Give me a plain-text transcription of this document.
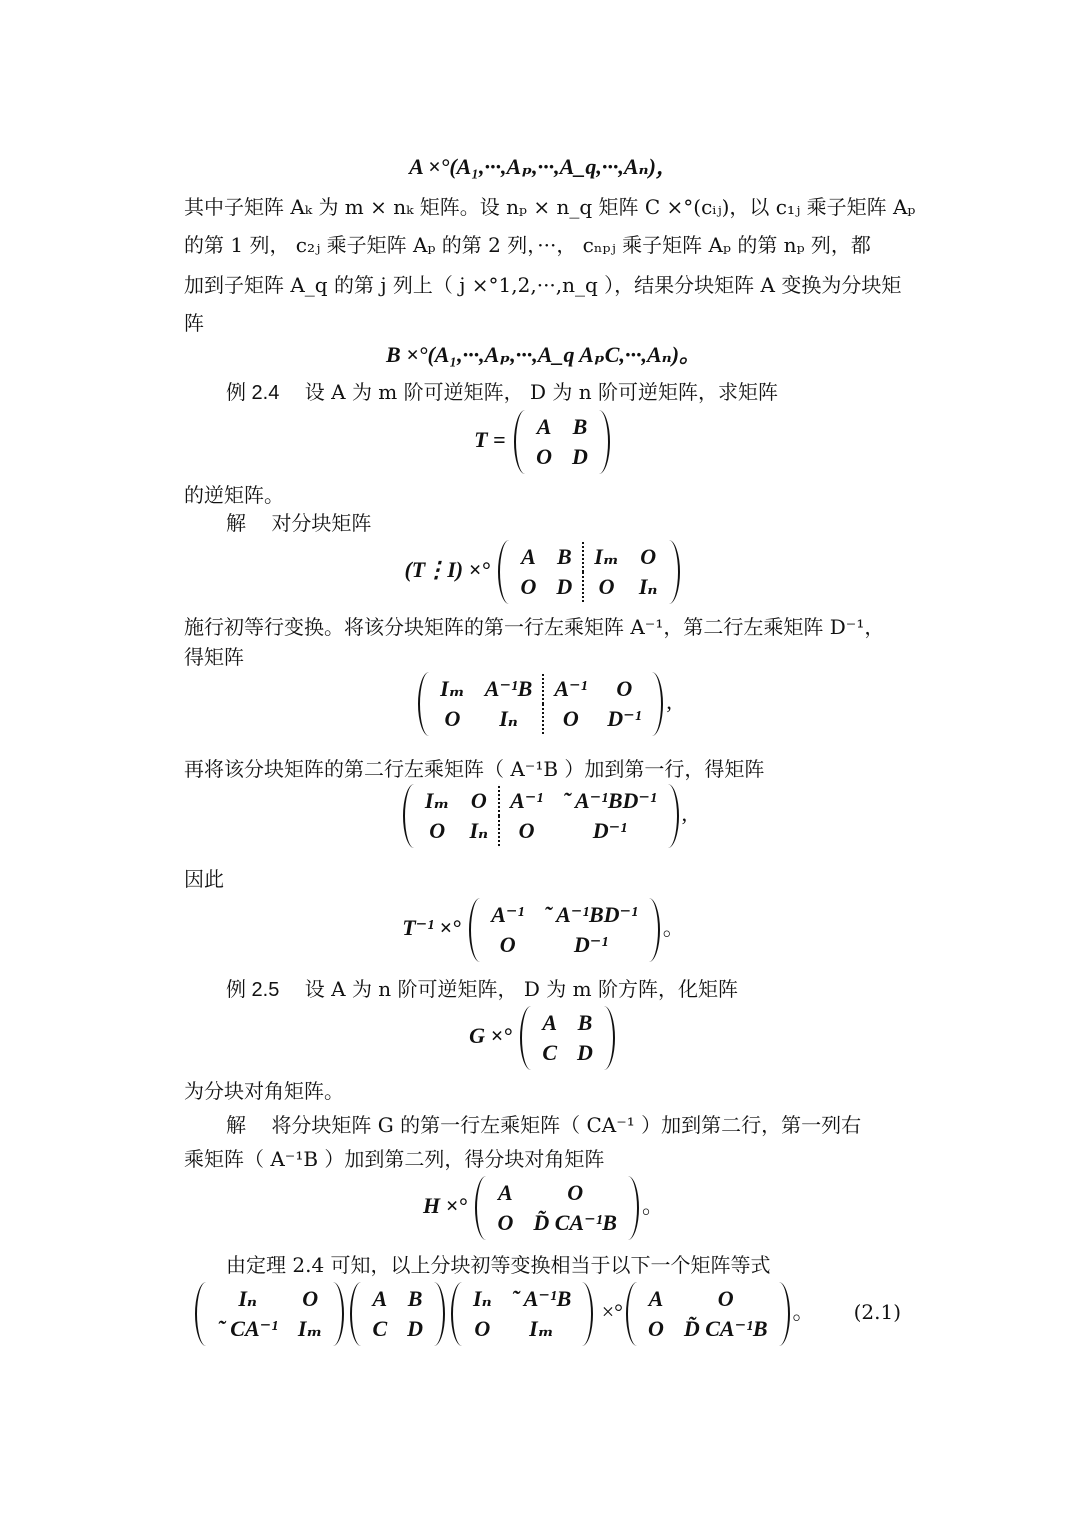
A ×°(A₁,···,Aₚ,···,A_q,···,Aₙ)，
其中子矩阵 Aₖ 为 m × nₖ 矩阵。设 nₚ × n_q 矩阵 C ×°(cᵢⱼ)，以 c₁ⱼ 乘子矩阵 Aₚ
的第 1 列， c₂ⱼ 乘子矩阵 Aₚ 的第 2 列，···， cₙₚⱼ 乘子矩阵 Aₚ 的第 nₚ 列，都
加到子矩阵 A_q 的第 j 列上（ j ×°1,2,···,n_q ），结果分块矩阵 A 变换为分块矩
阵
B ×°(A₁,···,Aₚ,···,A_q AₚC,···,Aₙ)。
例 2.4 设 A 为 m 阶可逆矩阵， D 为 n 阶可逆矩阵，求矩阵
T =
A	B
O	D
的逆矩阵。
解 对分块矩阵
(T⋮I) ×°
A	B	Iₘ	O
O	D	O	Iₙ
施行初等行变换。将该分块矩阵的第一行左乘矩阵 A⁻¹，第二行左乘矩阵 D⁻¹，
得矩阵
Iₘ	A⁻¹B	A⁻¹	O
O	Iₙ	O	D⁻¹
,
再将该分块矩阵的第二行左乘矩阵（ A⁻¹B ）加到第一行，得矩阵
Iₘ	O	A⁻¹	˜ A⁻¹BD⁻¹
O	Iₙ	O	D⁻¹
,
因此
T⁻¹ ×°
A⁻¹	˜ A⁻¹BD⁻¹
O	D⁻¹
。
例 2.5 设 A 为 n 阶可逆矩阵， D 为 m 阶方阵，化矩阵
G ×°
A	B
C	D
为分块对角矩阵。
解 将分块矩阵 G 的第一行左乘矩阵（ CA⁻¹ ）加到第二行，第一列右
乘矩阵（ A⁻¹B ）加到第二列，得分块对角矩阵
H ×°
A	O
O	D̃ CA⁻¹B
。
由定理 2.4 可知，以上分块初等变换相当于以下一个矩阵等式
Iₙ	O
˜ CA⁻¹	Iₘ
A	B
C	D
Iₙ	˜ A⁻¹B
O	Iₘ
×°
A	O
O	D̃ CA⁻¹B
。	(2.1)
